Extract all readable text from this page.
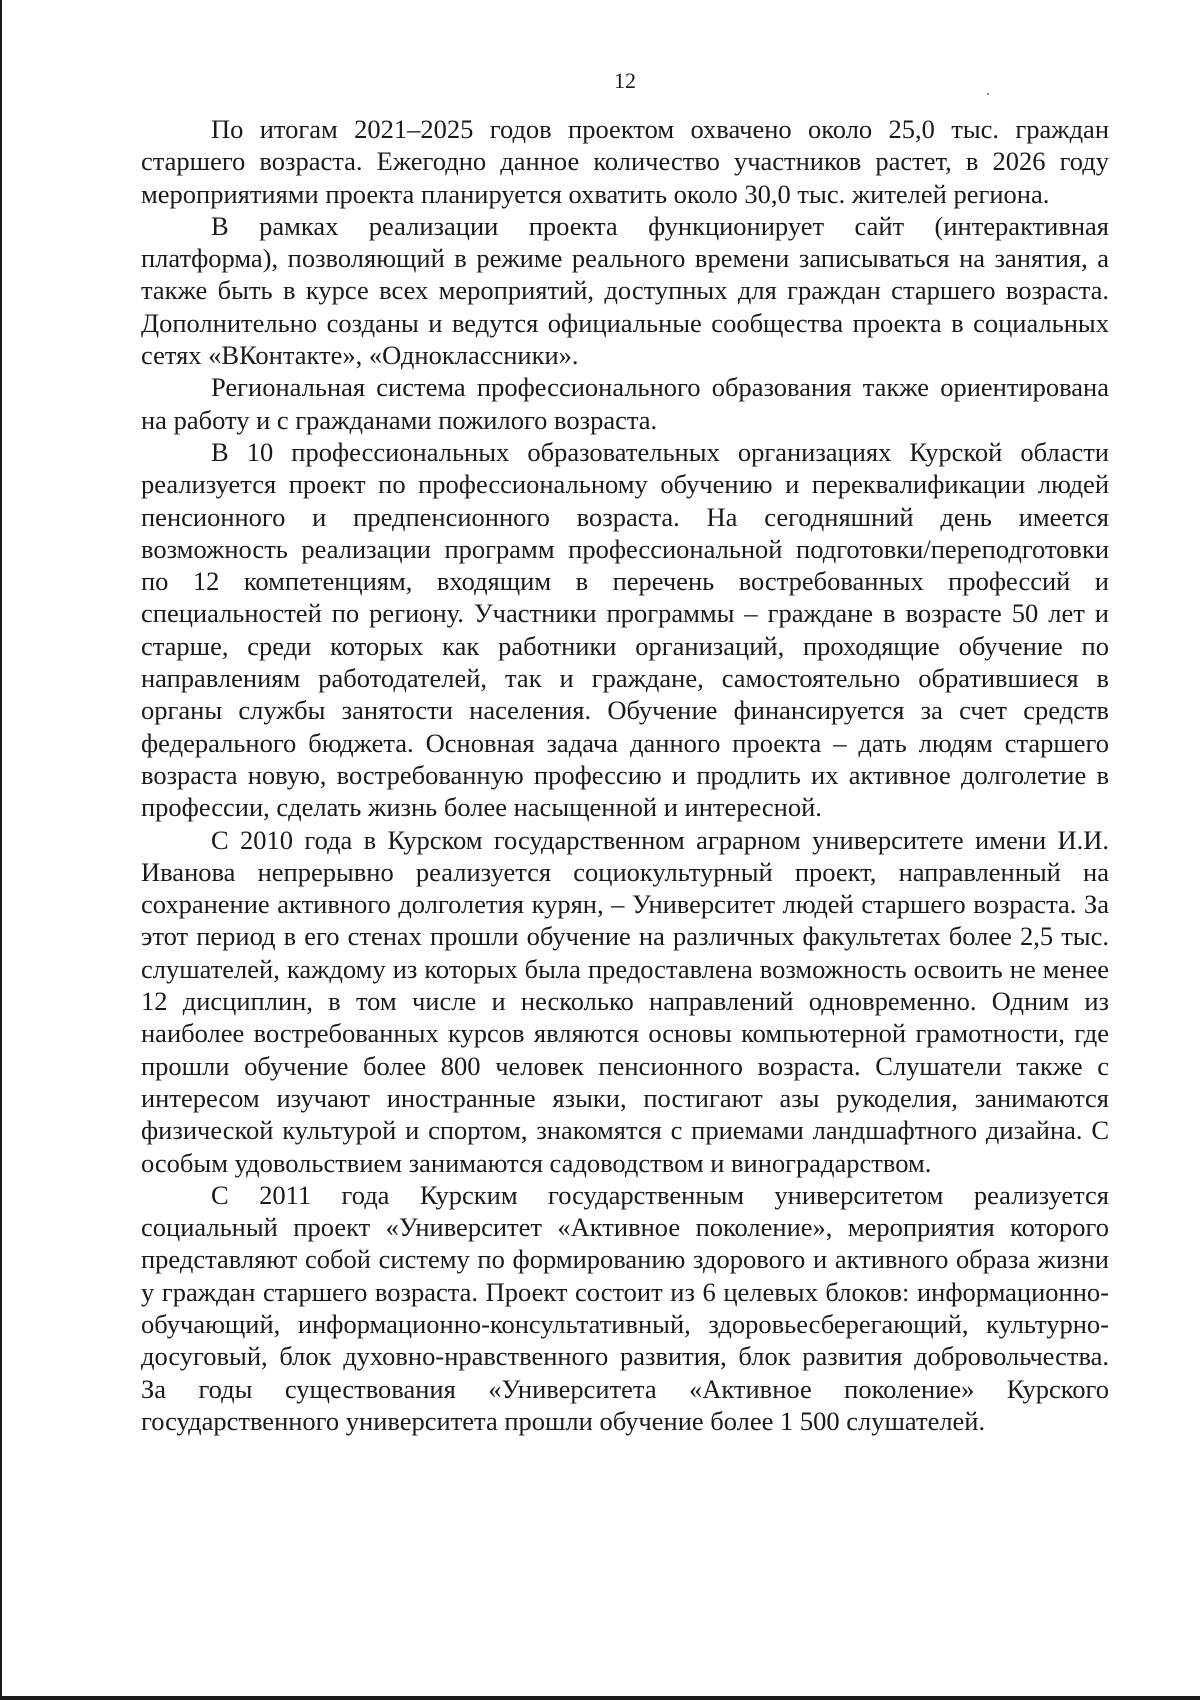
12

По итогам 2021–2025 годов проектом охвачено около 25,0 тыс. граждан старшего возраста. Ежегодно данное количество участников растет, в 2026 году мероприятиями проекта планируется охватить около 30,0 тыс. жителей региона.

В рамках реализации проекта функционирует сайт (интерактивная платформа), позволяющий в режиме реального времени записываться на занятия, а также быть в курсе всех мероприятий, доступных для граждан старшего возраста. Дополнительно созданы и ведутся официальные сообщества проекта в социальных сетях «ВКонтакте», «Одноклассники».

Региональная система профессионального образования также ориентирована на работу и с гражданами пожилого возраста.

В 10 профессиональных образовательных организациях Курской области реализуется проект по профессиональному обучению и переквалификации людей пенсионного и предпенсионного возраста. На сегодняшний день имеется возможность реализации программ профессиональной подготовки/переподготовки по 12 компетенциям, входящим в перечень востребованных профессий и специальностей по региону. Участники программы – граждане в возрасте 50 лет и старше, среди которых как работники организаций, проходящие обучение по направлениям работодателей, так и граждане, самостоятельно обратившиеся в органы службы занятости населения. Обучение финансируется за счет средств федерального бюджета. Основная задача данного проекта – дать людям старшего возраста новую, востребованную профессию и продлить их активное долголетие в профессии, сделать жизнь более насыщенной и интересной.

С 2010 года в Курском государственном аграрном университете имени И.И. Иванова непрерывно реализуется социокультурный проект, направленный на сохранение активного долголетия курян, – Университет людей старшего возраста. За этот период в его стенах прошли обучение на различных факультетах более 2,5 тыс. слушателей, каждому из которых была предоставлена возможность освоить не менее 12 дисциплин, в том числе и несколько направлений одновременно. Одним из наиболее востребованных курсов являются основы компьютерной грамотности, где прошли обучение более 800 человек пенсионного возраста. Слушатели также с интересом изучают иностранные языки, постигают азы рукоделия, занимаются физической культурой и спортом, знакомятся с приемами ландшафтного дизайна. С особым удовольствием занимаются садоводством и виноградарством.

С 2011 года Курским государственным университетом реализуется социальный проект «Университет «Активное поколение», мероприятия которого представляют собой систему по формированию здорового и активного образа жизни у граждан старшего возраста. Проект состоит из 6 целевых блоков: информационно-обучающий, информационно-консультативный, здоровьесберегающий, культурно-досуговый, блок духовно-нравственного развития, блок развития добровольчества. За годы существования «Университета «Активное поколение» Курского государственного университета прошли обучение более 1 500 слушателей.
